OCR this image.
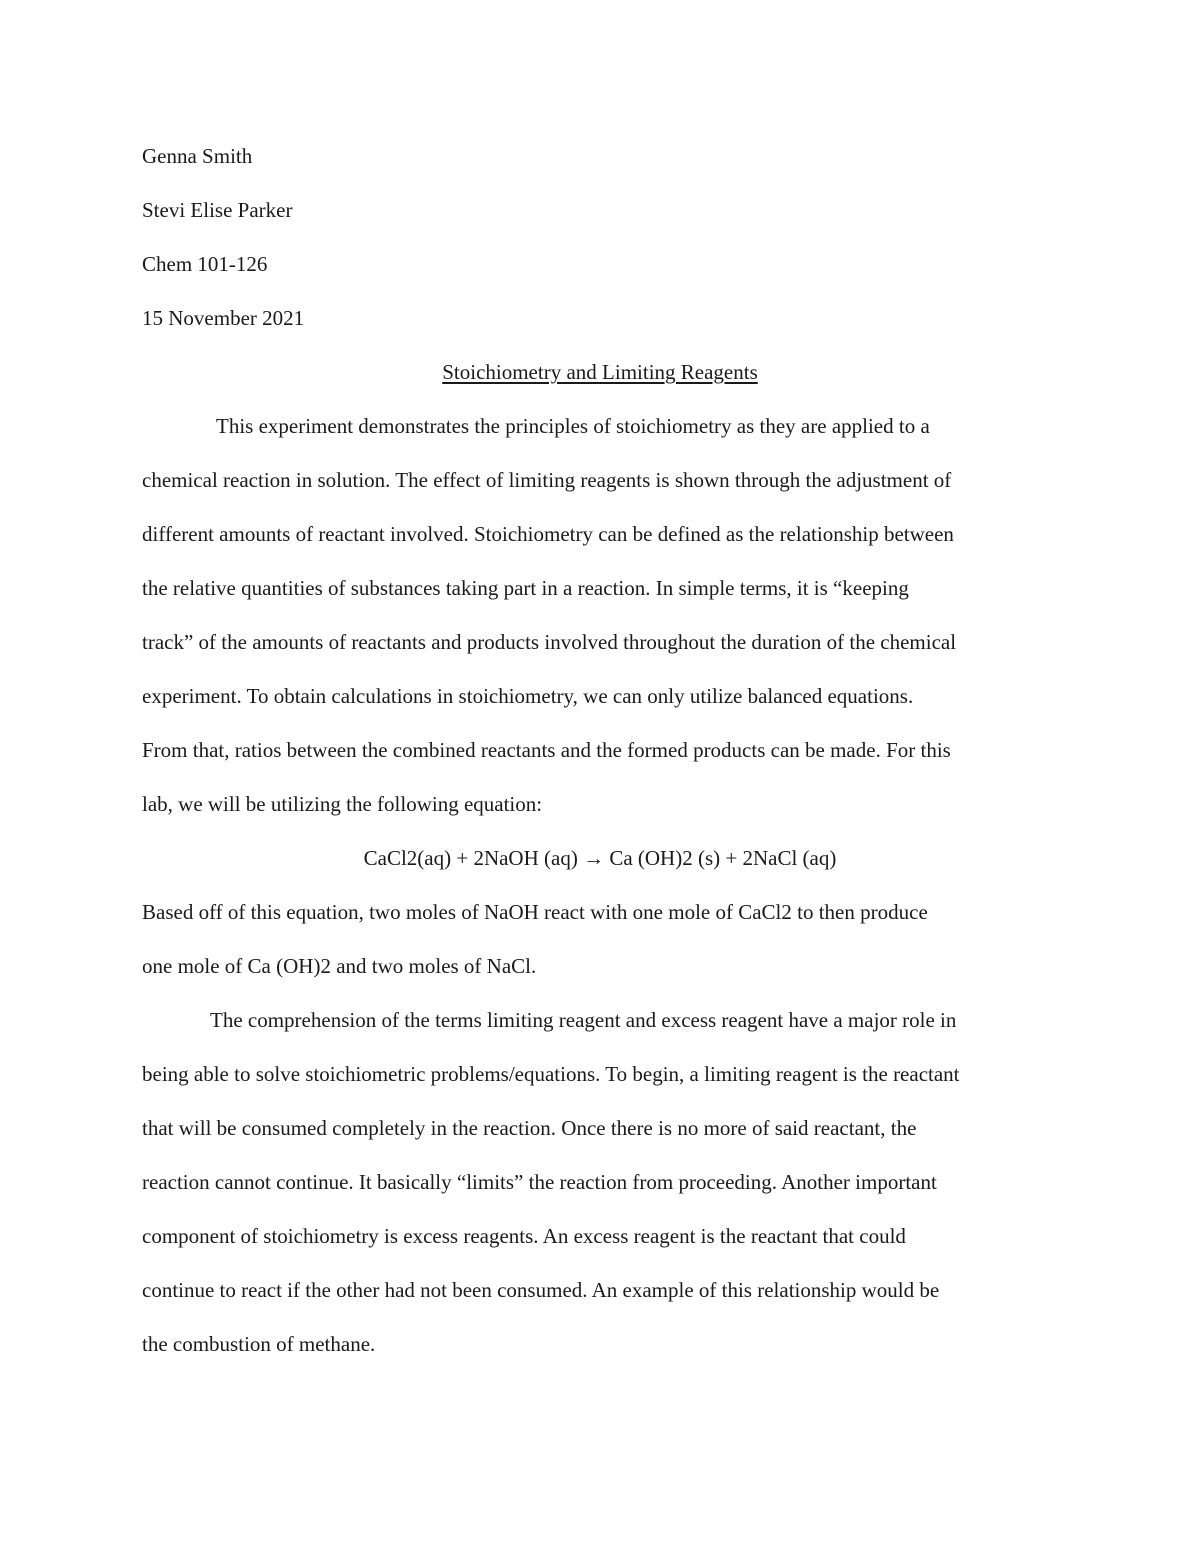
Genna Smith

Stevi Elise Parker

Chem 101-126

15 November 2021

Stoichiometry and Limiting Reagents

This experiment demonstrates the principles of stoichiometry as they are applied to a

chemical reaction in solution. The effect of limiting reagents is shown through the adjustment of

different amounts of reactant involved. Stoichiometry can be defined as the relationship between

the relative quantities of substances taking part in a reaction. In simple terms, it is “keeping

track” of the amounts of reactants and products involved throughout the duration of the chemical

experiment. To obtain calculations in stoichiometry, we can only utilize balanced equations.

From that, ratios between the combined reactants and the formed products can be made. For this

lab, we will be utilizing the following equation:

CaCl2(aq) + 2NaOH (aq) → Ca (OH)2 (s) + 2NaCl (aq)

Based off of this equation, two moles of NaOH react with one mole of CaCl2 to then produce

one mole of Ca (OH)2 and two moles of NaCl.

The comprehension of the terms limiting reagent and excess reagent have a major role in

being able to solve stoichiometric problems/equations. To begin, a limiting reagent is the reactant

that will be consumed completely in the reaction. Once there is no more of said reactant, the

reaction cannot continue. It basically “limits” the reaction from proceeding. Another important

component of stoichiometry is excess reagents. An excess reagent is the reactant that could

continue to react if the other had not been consumed. An example of this relationship would be

the combustion of methane.
